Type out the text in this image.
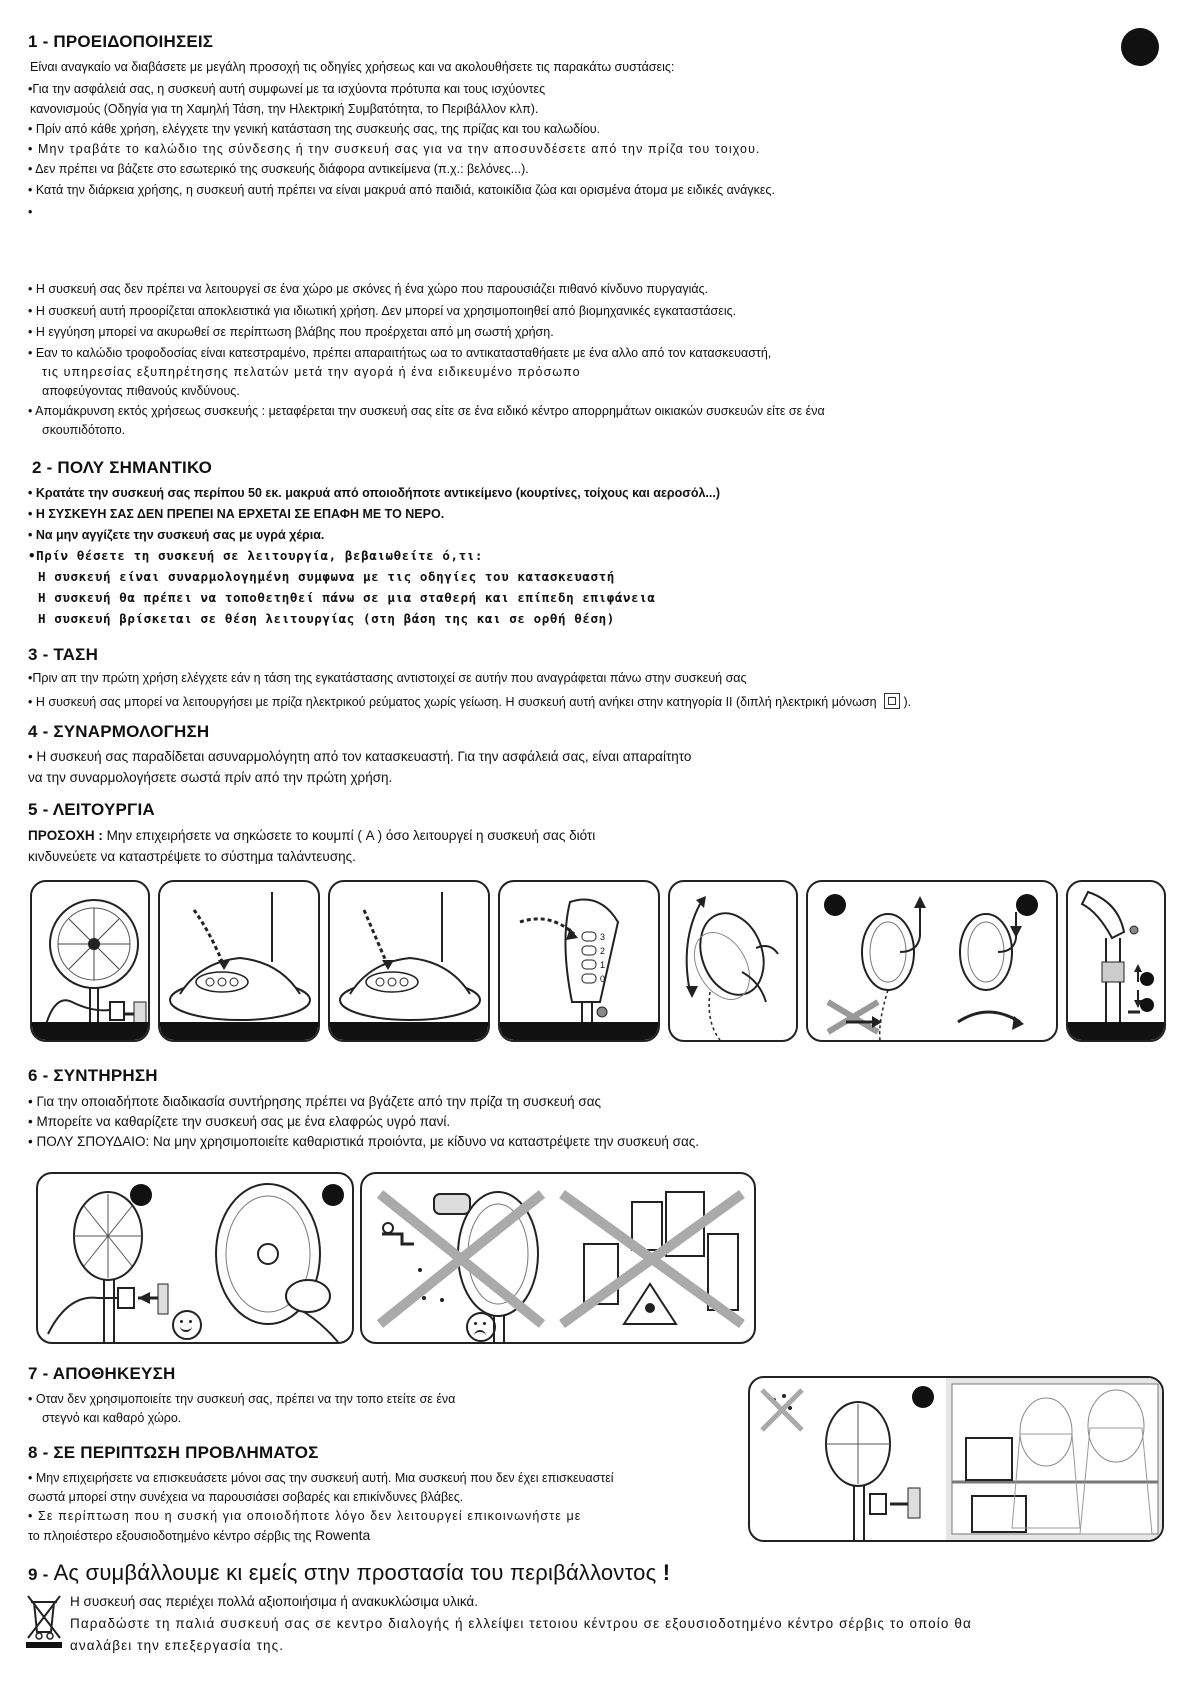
1 - ΠΡΟΕΙΔΟΠΟΙΗΣΕΙΣ
Είναι αναγκαίο να διαβάσετε με μεγάλη προσοχή τις οδηγίες χρήσεως και να ακολουθήσετε τις παρακάτω συστάσεις:
•Για την ασφάλειά σας, η συσκευή αυτή συμφωνεί με τα ισχύοντα πρότυπα και τους ισχύοντες
κανονισμούς (Οδηγία για τη Χαμηλή Τάση, την Ηλεκτρική Συμβατότητα, το Περιβάλλον κλπ).
• Πρίν από κάθε χρήση, ελέγχετε την γενική κατάσταση της συσκευής σας, της πρίζας και του καλωδίου.
• Μην τραβάτε το καλώδιο της σύνδεσης ή την συσκευή σας για να την αποσυνδέσετε από την πρίζα του τοιχου.
• Δεν πρέπει να βάζετε στο εσωτερικό της συσκευής διάφορα αντικείμενα (π.χ.: βελόνες...).
• Κατά την διάρκεια χρήσης, η συσκευή αυτή πρέπει να είναι μακρυά από παιδιά, κατοικίδια ζώα και ορισμένα άτομα με ειδικές ανάγκες.
•
• Η συσκευή σας δεν πρέπει να λειτουργεί σε ένα χώρο με σκόνες ή ένα χώρο που παρουσιάζει πιθανό κίνδυνο πυργαγιάς.
• Η συσκευή αυτή προορίζεται αποκλειστικά για ιδιωτική χρήση. Δεν μπορεί να χρησιμοποιηθεί από βιομηχανικές εγκαταστάσεις.
• Η εγγύηση μπορεί να ακυρωθεί σε περίπτωση βλάβης που προέρχεται από μη σωστή χρήση.
• Εαν το καλώδιο τροφοδοσίας είναι κατεστραμένο, πρέπει απαραιτήτως ωα το αντικατασταθήαετε με ένα αλλο από τον κατασκευαστή,
τις υπηρεσίας εξυπηρέτησης πελατών μετά την αγορά ή ένα ειδικευμένο πρόσωπο
αποφεύγοντας πιθανούς κινδύνους.
• Απομάκρυνση εκτός χρήσεως συσκευής : μεταφέρεται την συσκευή σας είτε σε ένα ειδικό κέντρο απορρημάτων οικιακών συσκευών είτε σε ένα
σκουπιδότοπο.
2 - ΠΟΛΥ ΣΗΜΑΝΤΙΚΟ
• Κρατάτε την συσκευή σας περίπου 50 εκ. μακρυά από οποιοδήποτε αντικείμενο (κουρτίνες, τοίχους και αεροσόλ...)
• Η ΣΥΣΚΕΥΗ ΣΑΣ ΔΕΝ ΠΡΕΠΕΙ ΝΑ ΕΡΧΕΤΑΙ ΣΕ ΕΠΑΦΗ ΜΕ ΤΟ ΝΕΡΟ.
• Να μην αγγίζετε την συσκευή σας με υγρά χέρια.
•Πρίν θέσετε τη συσκευή σε λειτουργία, βεβαιωθείτε ό,τι:
Η συσκευή είναι συναρμολογημένη συμφωνα με τις οδηγίες του κατασκευαστή
Η συσκευή θα πρέπει να τοποθετηθεί πάνω σε μια σταθερή και επίπεδη επιφάνεια
Η συσκευή βρίσκεται σε θέση λειτουργίας (στη βάση της και σε ορθή θέση)
3 - ΤΑΣΗ
•Πριν απ την πρώτη χρήση ελέγχετε εάν η τάση της εγκατάστασης αντιστοιχεί σε αυτήν που αναγράφεται πάνω στην συσκευή σας
• Η συσκευή σας μπορεί να λειτουργήσει με πρίζα ηλεκτρικού ρεύματος χωρίς γείωση. Η συσκευή αυτή ανήκει στην κατηγορία II (διπλή ηλεκτρική μόνωση ).
4 - ΣΥΝΑΡΜΟΛΟΓΗΣΗ
• Η συσκευή σας παραδίδεται ασυναρμολόγητη από τον κατασκευαστή. Για την ασφάλειά σας, είναι απαραίτητο
να την συναρμολογήσετε σωστά πρίν από την πρώτη χρήση.
5 - ΛΕΙΤΟΥΡΓΙΑ
ΠΡΟΣΟΧΗ : Μην επιχειρήσετε να σηκώσετε το κουμπί ( A ) όσο λειτουργεί η συσκευή σας διότι
κινδυνεύετε να καταστρέψετε το σύστημα ταλάντευσης.
3
2
1
0
6 - ΣΥΝΤΗΡΗΣΗ
• Για την οποιαδήποτε διαδικασία συντήρησης πρέπει να βγάζετε από την πρίζα τη συσκευή σας
• Μπορείτε να καθαρίζετε την συσκευή σας με ένα ελαφρώς υγρό πανί.
• ΠΟΛΥ ΣΠΟΥΔΑΙΟ: Να μην χρησιμοποιείτε καθαριστικά προιόντα, με κίδυνο να καταστρέψετε την συσκευή σας.
7 - ΑΠΟΘΗΚΕΥΣΗ
• Οταν δεν χρησιμοποιείτε την συσκευή σας, πρέπει να την τοπο ετείτε σε ένα
στεγνό και καθαρό χώρο.
8 - ΣΕ ΠΕΡΙΠΤΩΣΗ ΠΡΟΒΛΗΜΑΤΟΣ
• Μην επιχειρήσετε να επισκευάσετε μόνοι σας την συσκευή αυτή. Μια συσκευή που δεν έχει επισκευαστεί
σωστά μπορεί στην συνέχεια να παρουσιάσει σοβαρές και επικίνδυνες βλάβες.
• Σε περίπτωση που η συσκή για οποιοδήποτε λόγο δεν λειτουργεί επικοινωνήστε με
το πληοιέστερο εξουσιοδοτημένο κέντρο σέρβις της Rowenta
9 - Ας συμβάλλουμε κι εμείς στην προστασία του περιβάλλοντος !
Η συσκευή σας περιέχει πολλά αξιοποιήσιμα ή ανακυκλώσιμα υλικά.
Παραδώστε τη παλιά συσκευή σας σε κεντρο διαλογής ή ελλείψει τετοιου κέντρου σε εξουσιοδοτημένο κέντρο σέρβις το οποίο θα
αναλάβει την επεξεργασία της.
